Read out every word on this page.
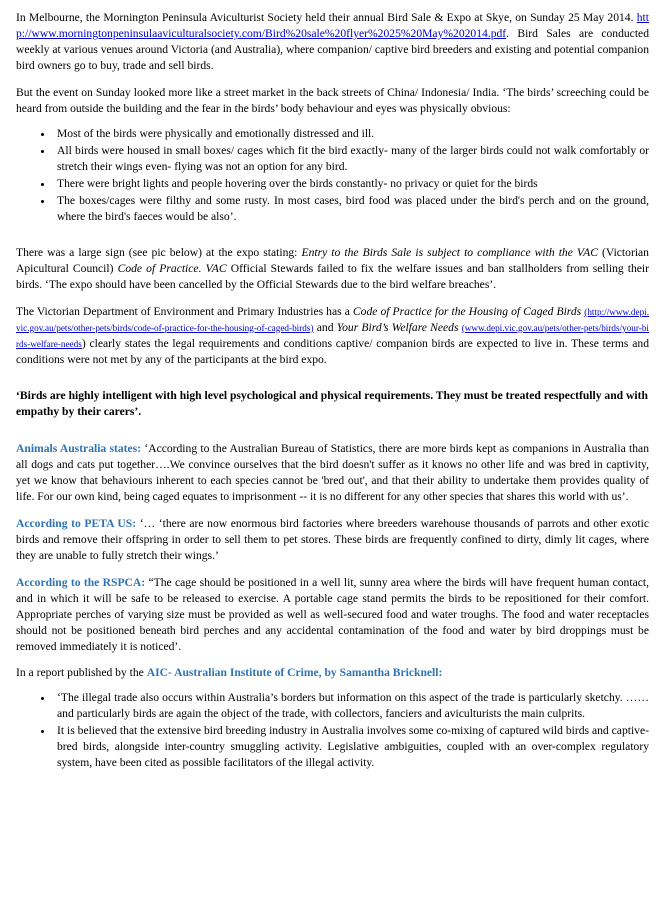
In Melbourne, the Mornington Peninsula Aviculturist Society held their annual Bird Sale & Expo at Skye, on Sunday 25 May 2014. http://www.morningtonpeninsulaaviculturalsociety.com/Bird%20sale%20flyer%2025%20May%202014.pdf. Bird Sales are conducted weekly at various venues around Victoria (and Australia), where companion/ captive bird breeders and existing and potential companion bird owners go to buy, trade and sell birds.

But the event on Sunday looked more like a street market in the back streets of China/ Indonesia/ India. ‘The birds’ screeching could be heard from outside the building and the fear in the birds’ body behaviour and eyes was physically obvious:

• Most of the birds were physically and emotionally distressed and ill.
• All birds were housed in small boxes/ cages which fit the bird exactly- many of the larger birds could not walk comfortably or stretch their wings even- flying was not an option for any bird.
• There were bright lights and people hovering over the birds constantly- no privacy or quiet for the birds
• The boxes/cages were filthy and some rusty. In most cases, bird food was placed under the bird's perch and on the ground, where the bird's faeces would be also’.

There was a large sign (see pic below) at the expo stating: Entry to the Birds Sale is subject to compliance with the VAC (Victorian Apicultural Council) Code of Practice. VAC Official Stewards failed to fix the welfare issues and ban stallholders from selling their birds. ‘The expo should have been cancelled by the Official Stewards due to the bird welfare breaches’.

The Victorian Department of Environment and Primary Industries has a Code of Practice for the Housing of Caged Birds (http://www.depi.vic.gov.au/pets/other-pets/birds/code-of-practice-for-the-housing-of-caged-birds) and Your Bird’s Welfare Needs (www.depi.vic.gov.au/pets/other-pets/birds/your-birds-welfare-needs) clearly states the legal requirements and conditions captive/ companion birds are expected to live in. These terms and conditions were not met by any of the participants at the bird expo.

‘Birds are highly intelligent with high level psychological and physical requirements. They must be treated respectfully and with empathy by their carers’.

Animals Australia states: ‘According to the Australian Bureau of Statistics, there are more birds kept as companions in Australia than all dogs and cats put together….We convince ourselves that the bird doesn't suffer as it knows no other life and was bred in captivity, yet we know that behaviours inherent to each species cannot be 'bred out', and that their ability to undertake them provides quality of life. For our own kind, being caged equates to imprisonment -- it is no different for any other species that shares this world with us’.

According to PETA US: ‘… ‘there are now enormous bird factories where breeders warehouse thousands of parrots and other exotic birds and remove their offspring in order to sell them to pet stores. These birds are frequently confined to dirty, dimly lit cages, where they are unable to fully stretch their wings.’

According to the RSPCA: “The cage should be positioned in a well lit, sunny area where the birds will have frequent human contact, and in which it will be safe to be released to exercise. A portable cage stand permits the birds to be repositioned for their comfort. Appropriate perches of varying size must be provided as well as well-secured food and water troughs. The food and water receptacles should not be positioned beneath bird perches and any accidental contamination of the food and water by bird droppings must be removed immediately it is noticed’.

In a report published by the AIC- Australian Institute of Crime, by Samantha Bricknell:

• ‘The illegal trade also occurs within Australia’s borders but information on this aspect of the trade is particularly sketchy. …… and particularly birds are again the object of the trade, with collectors, fanciers and aviculturists the main culprits.
• It is believed that the extensive bird breeding industry in Australia involves some co-mixing of captured wild birds and captive-bred birds, alongside inter-country smuggling activity. Legislative ambiguities, coupled with an over-complex regulatory system, have been cited as possible facilitators of the illegal activity.
